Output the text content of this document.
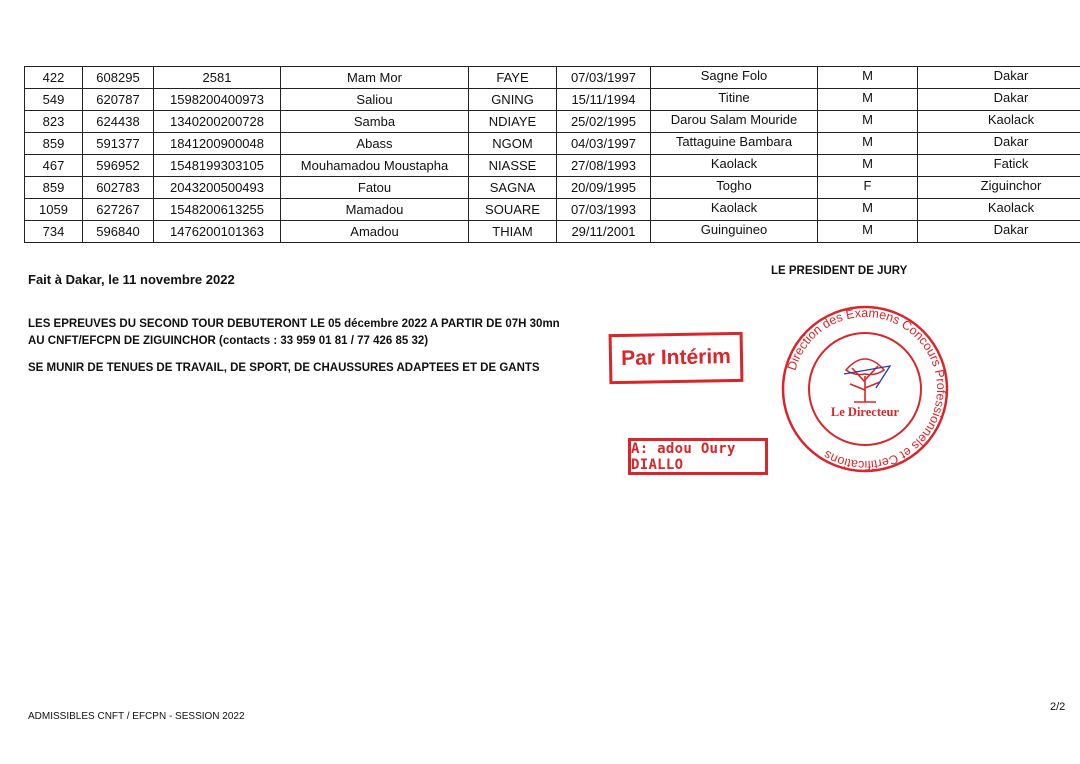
422	608295	2581	Mam Mor	FAYE	07/03/1997	Sagne Folo	M	Dakar
549	620787	1598200400973	Saliou	GNING	15/11/1994	Titine	M	Dakar
823	624438	1340200200728	Samba	NDIAYE	25/02/1995	Darou Salam Mouride	M	Kaolack
859	591377	1841200900048	Abass	NGOM	04/03/1997	Tattaguine Bambara	M	Dakar
467	596952	1548199303105	Mouhamadou Moustapha	NIASSE	27/08/1993	Kaolack	M	Fatick
859	602783	2043200500493	Fatou	SAGNA	20/09/1995	Togho	F	Ziguinchor
1059	627267	1548200613255	Mamadou	SOUARE	07/03/1993	Kaolack	M	Kaolack
734	596840	1476200101363	Amadou	THIAM	29/11/2001	Guinguineo	M	Dakar
Fait à Dakar, le 11 novembre 2022
LE PRESIDENT DE JURY
LES EPREUVES DU SECOND TOUR DEBUTERONT LE 05 décembre 2022 A PARTIR DE 07H 30mn
AU CNFT/EFCPN DE ZIGUINCHOR (contacts : 33 959 01 81 / 77 426 85 32)
SE MUNIR DE TENUES DE TRAVAIL, DE SPORT, DE CHAUSSURES ADAPTEES ET DE GANTS	Par Intérim
A: adou Oury DIALLO
Direction des Examens Concours Professionnels et Certifications
Le Directeur
ADMISSIBLES CNFT / EFCPN - SESSION 2022
2/2
